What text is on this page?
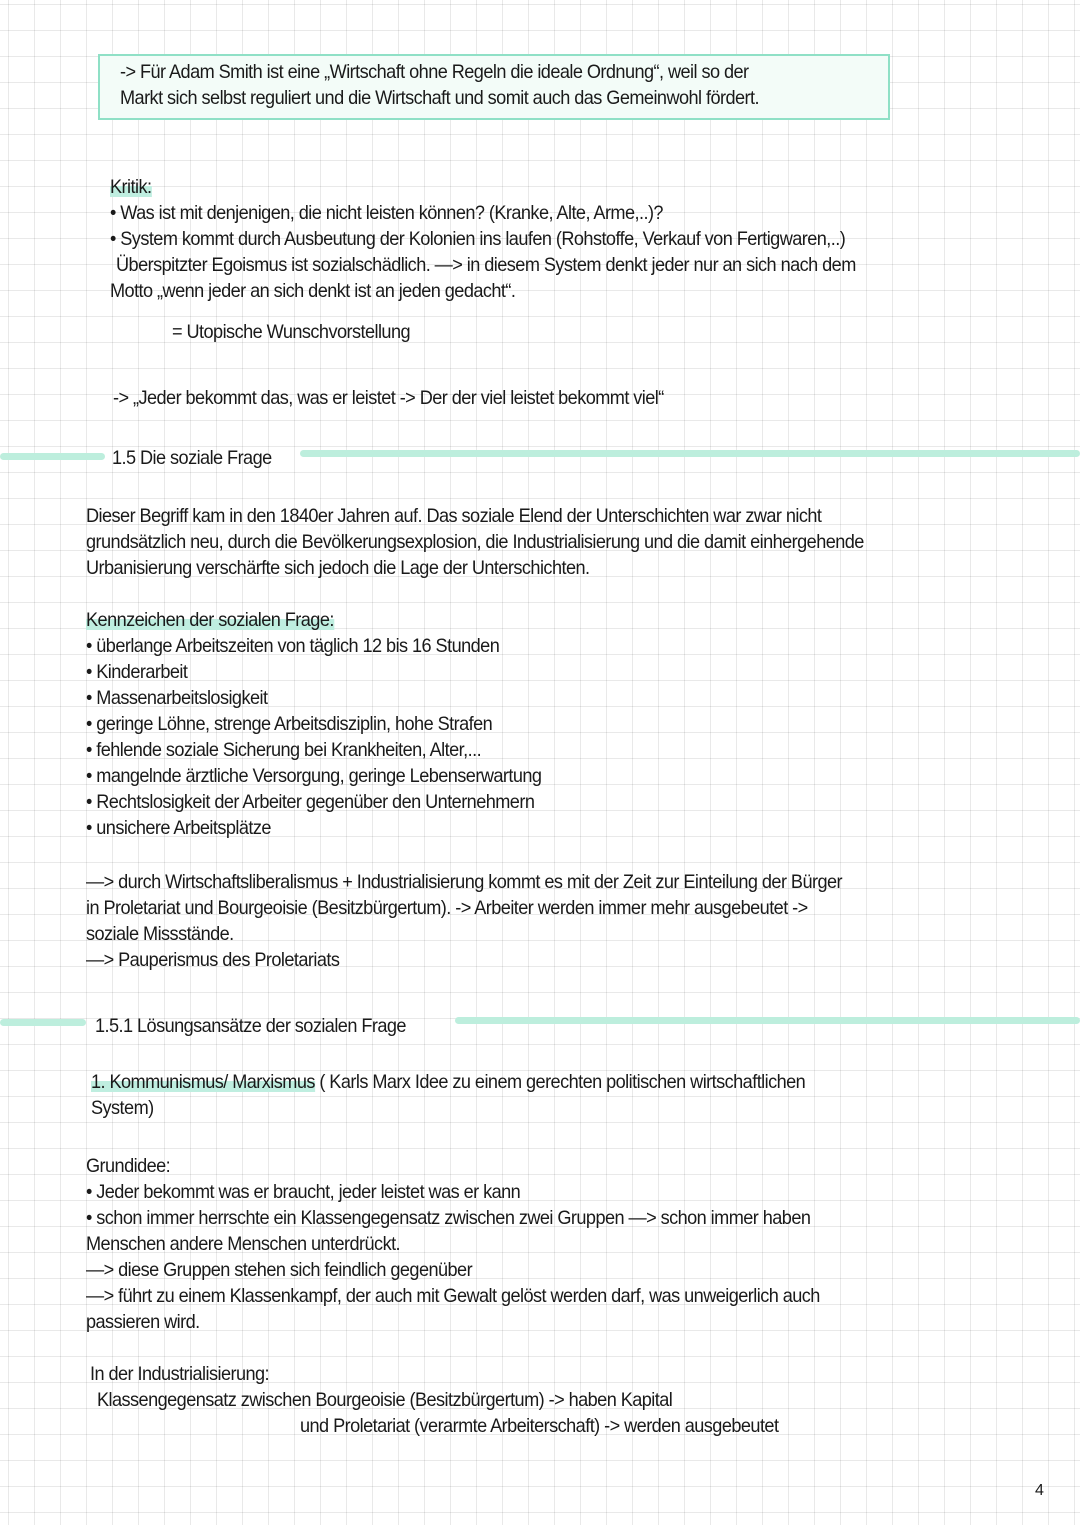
-> Für Adam Smith ist eine „Wirtschaft ohne Regeln die ideale Ordnung“, weil so der
Markt sich selbst reguliert und die Wirtschaft und somit auch das Gemeinwohl fördert.
Kritik:
• Was ist mit denjenigen, die nicht leisten können? (Kranke, Alte, Arme,..)?
• System kommt durch Ausbeutung der Kolonien ins laufen (Rohstoffe, Verkauf von Fertigwaren,..)
Überspitzter Egoismus ist sozialschädlich. —> in diesem System denkt jeder nur an sich nach dem
Motto „wenn jeder an sich denkt ist an jeden gedacht“.
= Utopische Wunschvorstellung
-> „Jeder bekommt das, was er leistet -> Der der viel leistet bekommt viel“
1.5 Die soziale Frage
Dieser Begriff kam in den 1840er Jahren auf. Das soziale Elend der Unterschichten war zwar nicht
grundsätzlich neu, durch die Bevölkerungsexplosion, die Industrialisierung und die damit einhergehende
Urbanisierung verschärfte sich jedoch die Lage der Unterschichten.
Kennzeichen der sozialen Frage:
• überlange Arbeitszeiten von täglich 12 bis 16 Stunden
• Kinderarbeit
• Massenarbeitslosigkeit
• geringe Löhne, strenge Arbeitsdisziplin, hohe Strafen
• fehlende soziale Sicherung bei Krankheiten, Alter,...
• mangelnde ärztliche Versorgung, geringe Lebenserwartung
• Rechtslosigkeit der Arbeiter gegenüber den Unternehmern
• unsichere Arbeitsplätze
—> durch Wirtschaftsliberalismus + Industrialisierung kommt es mit der Zeit zur Einteilung der Bürger
in Proletariat und Bourgeoisie (Besitzbürgertum). -> Arbeiter werden immer mehr ausgebeutet ->
soziale Missstände.
—> Pauperismus des Proletariats
1.5.1 Lösungsansätze der sozialen Frage
1. Kommunismus/ Marxismus ( Karls Marx Idee zu einem gerechten politischen wirtschaftlichen
System)
Grundidee:
• Jeder bekommt was er braucht, jeder leistet was er kann
• schon immer herrschte ein Klassengegensatz zwischen zwei Gruppen —> schon immer haben
Menschen andere Menschen unterdrückt.
—> diese Gruppen stehen sich feindlich gegenüber
—> führt zu einem Klassenkampf, der auch mit Gewalt gelöst werden darf, was unweigerlich auch
passieren wird.
In der Industrialisierung:
Klassengegensatz zwischen Bourgeoisie (Besitzbürgertum) -> haben Kapital
und Proletariat (verarmte Arbeiterschaft) -> werden ausgebeutet
4
